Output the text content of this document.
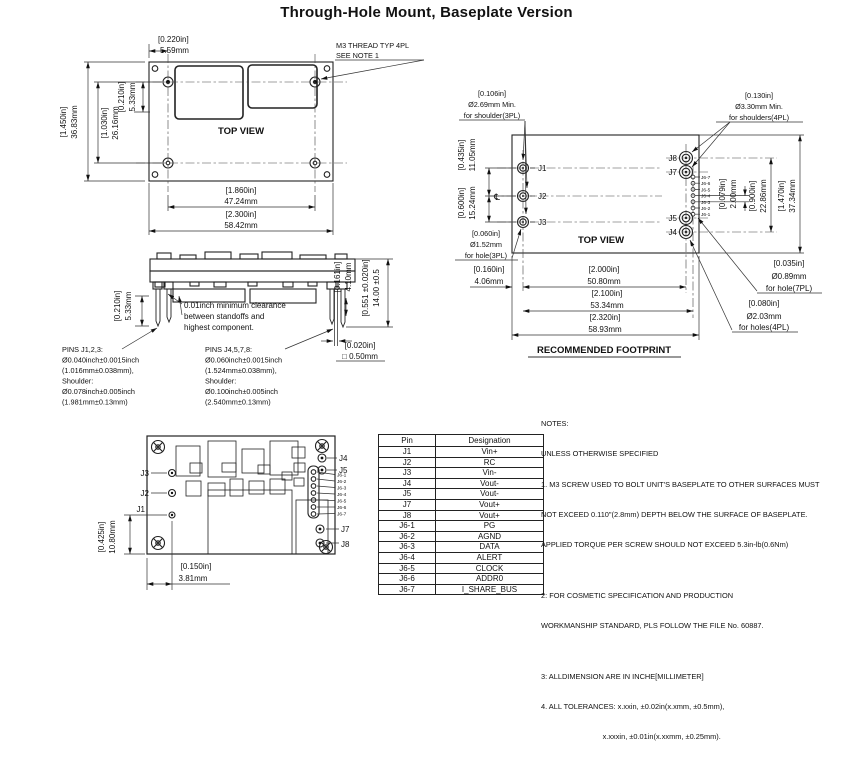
Through-Hole Mount, Baseplate Version
[0.220in]
5.59mm
[1.450in] 36.83mm	[1.030in] 26.16mm
[0.210in] 5.33mm
[1.860in]
47.24mm
[2.300in]
58.42mm
TOP VIEW
M3 THREAD TYP 4PL
SEE NOTE 1
J1
J2
J3
J8
J7
J5
J4
J6-7
J6-6
J6-5
J6-4
J6-3
J6-2
J6-1
℄
[0.106in]
Ø2.69mm Min.
for shoulder(3PL)
[0.130in]
Ø3.30mm Min.
for shoulders(4PL)
[0.060in]
Ø1.52mm
for hole(3PL)
[0.035in]
Ø0.89mm
for hole(7PL)
[0.080in]
Ø2.03mm
for holes(4PL)
[0.435in] 11.05mm
[0.600in] 15.24mm	[0.079in] 2.00mm [0.900in] 22.86mm [1.470in] 37.34mm
[0.160in]
4.06mm
[2.000in]
50.80mm
[2.100in]
53.34mm
[2.320in]
58.93mm
TOP VIEW
RECOMMENDED FOOTPRINT
[0.210in] 5.33mm	0.01inch minimum clearance
between standoffs and
highest component.
[0.161in] 4.10mm [0.551 ±0.020in] 14.00 ±0.5
[0.020in]
□ 0.50mm
PINS J1,2,3:
Ø0.040inch±0.0015inch
(1.016mm±0.038mm),
Shoulder:
Ø0.078inch±0.005inch
(1.981mm±0.13mm)
PINS J4,5,7,8:
Ø0.060inch±0.0015inch
(1.524mm±0.038mm),
Shoulder:
Ø0.100inch±0.005inch
(2.540mm±0.13mm)
J3
J2
J1
J4
J5
J6-1
J6-2
J6-3
J6-4
J6-5
J6-6
J6-7
J7
J8
[0.425in] 10.80mm
[0.150in]
3.81mm
Pin	Designation
J1	Vin+
J2	RC
J3	Vin-
J4	Vout-
J5	Vout-
J7	Vout+
J8	Vout+
J6-1	PG
J6-2	AGND
J6-3	DATA
J6-4	ALERT
J6-5	CLOCK
J6-6	ADDR0
J6-7	I_SHARE_BUS

NOTES:

UNLESS OTHERWISE SPECIFIED

1. M3 SCREW USED TO BOLT UNIT'S BASEPLATE TO OTHER SURFACES MUST

NOT EXCEED 0.110"(2.8mm) DEPTH BELOW THE SURFACE OF BASEPLATE.

APPLIED TORQUE PER SCREW SHOULD NOT EXCEED 5.3in-lb(0.6Nm)

2: FOR COSMETIC SPECIFICATION AND PRODUCTION

WORKMANSHIP STANDARD, PLS FOLLOW THE FILE No. 60887.

3: ALLDIMENSION ARE IN INCHE[MILLIMETER]

4. ALL TOLERANCES: x.xxin, ±0.02in(x.xmm, ±0.5mm),

x.xxxin, ±0.01in(x.xxmm, ±0.25mm).
